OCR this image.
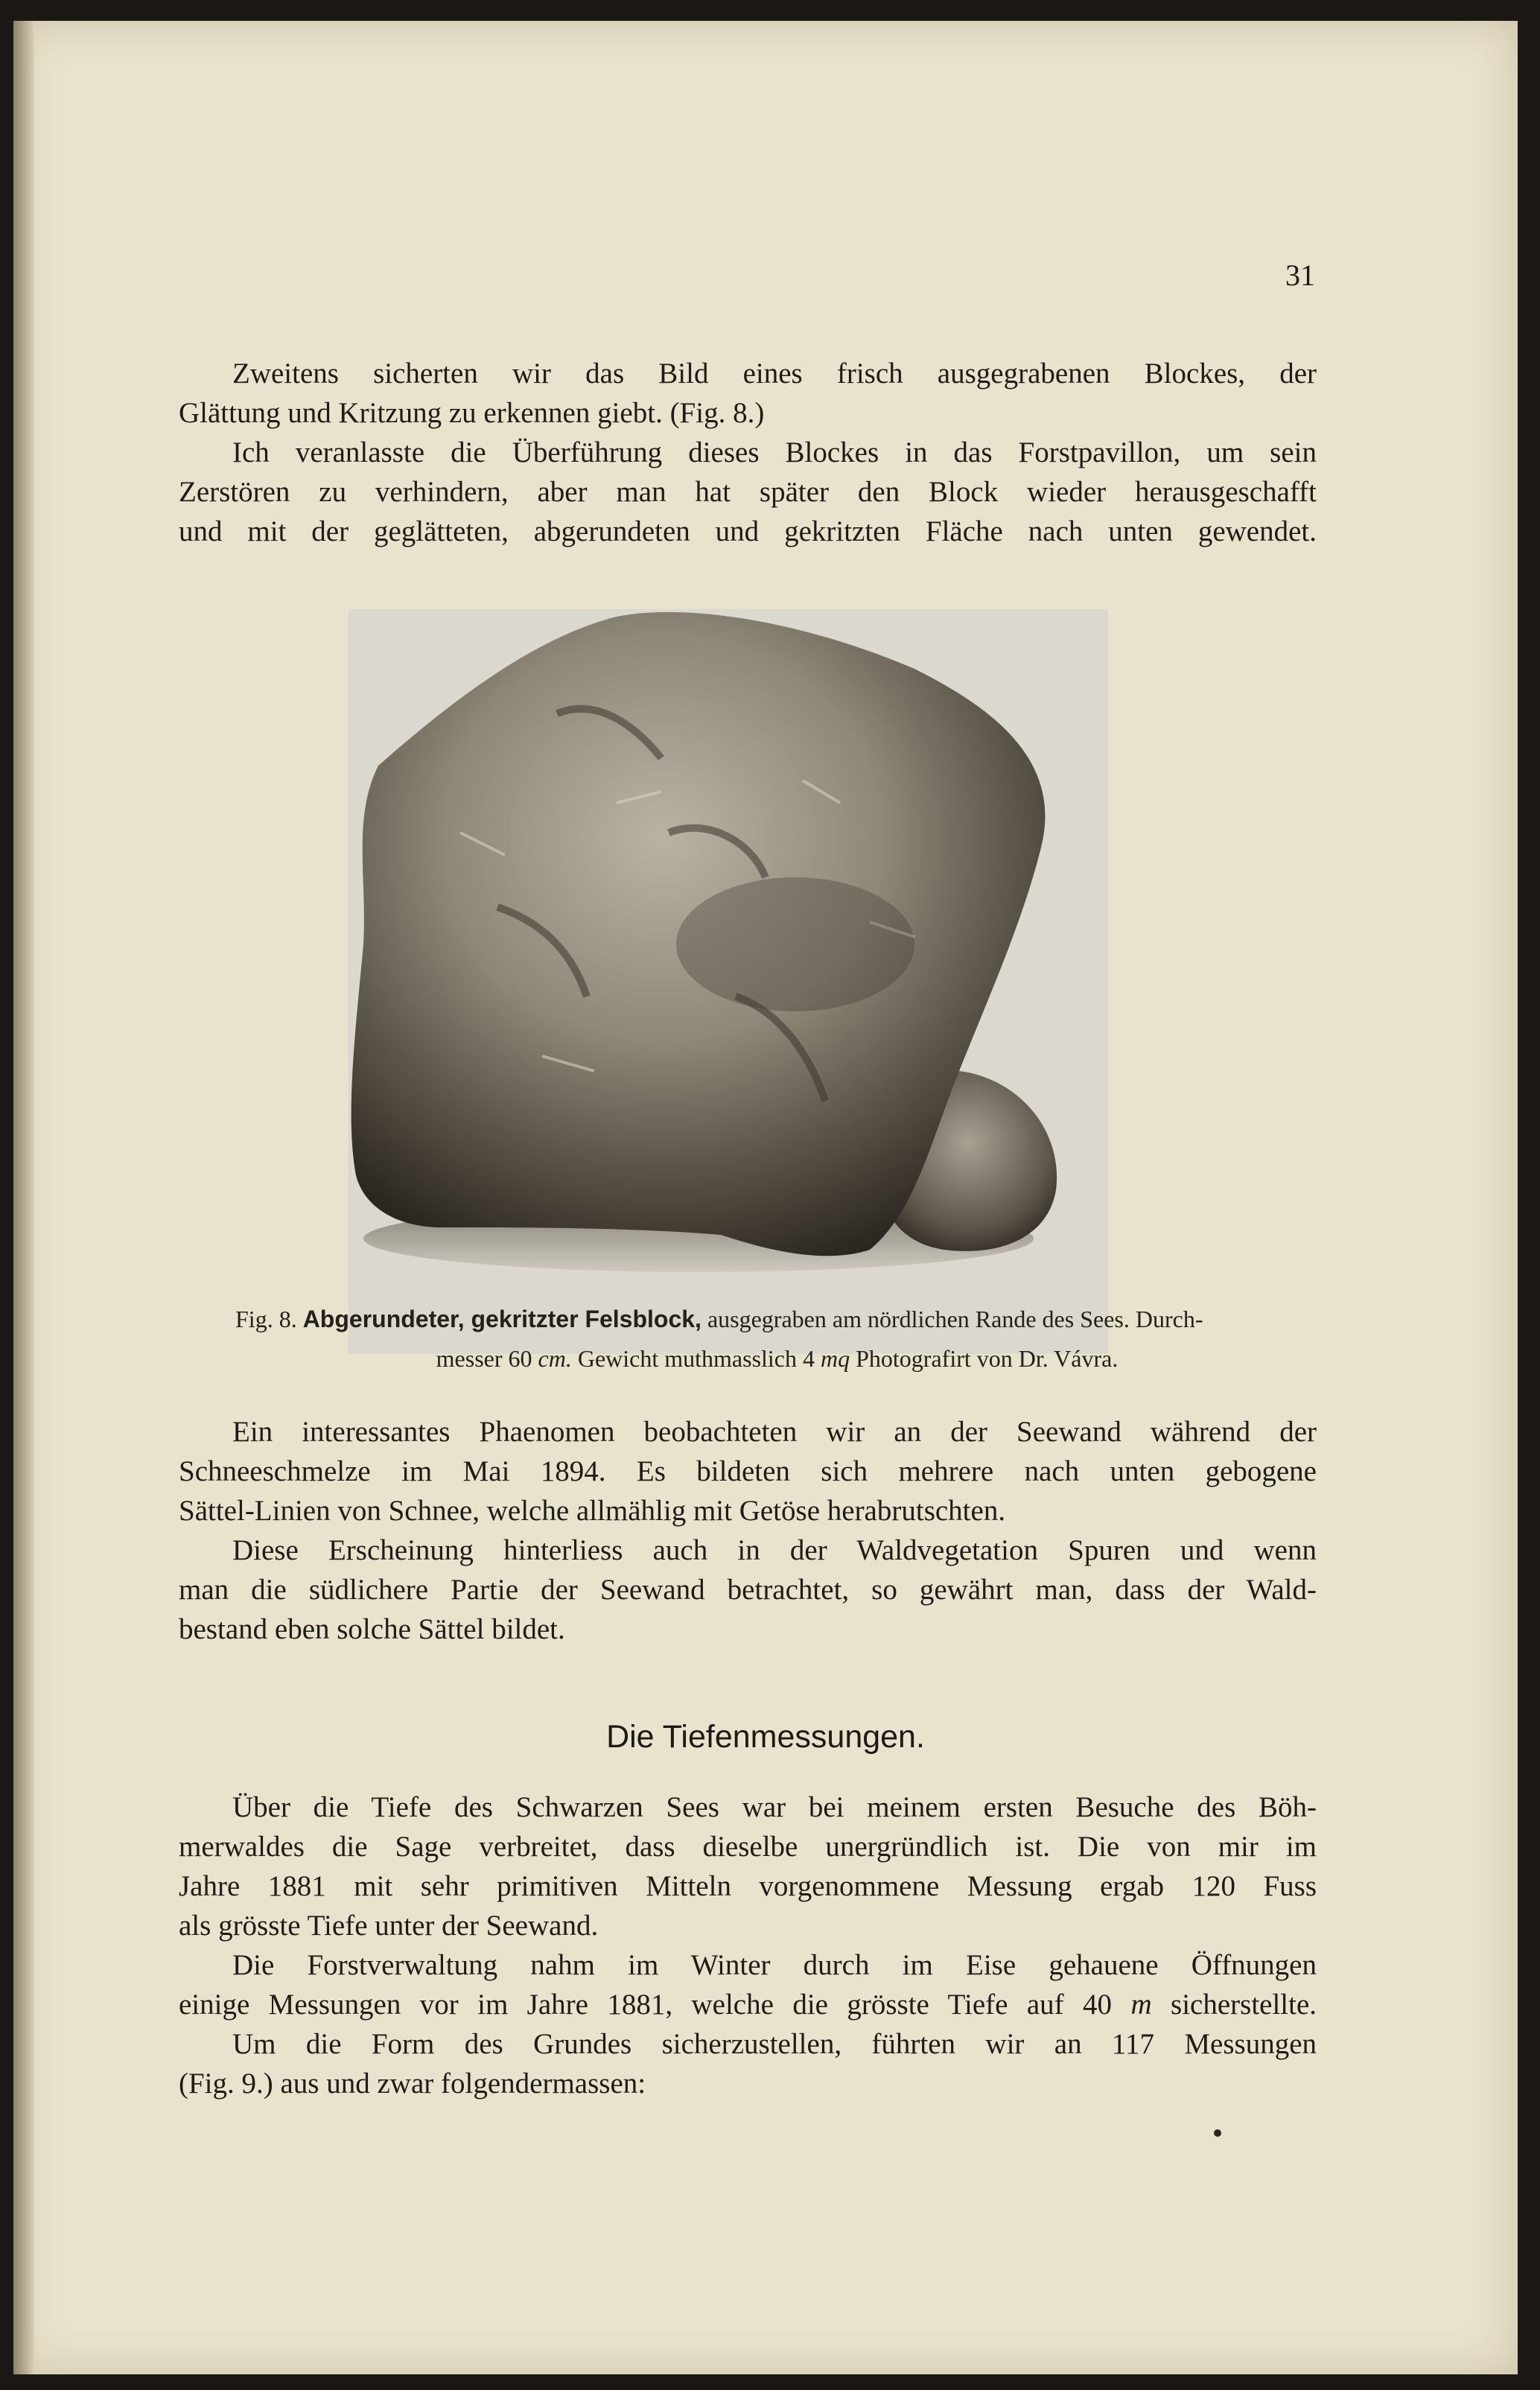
31

Zweitens sicherten wir das Bild eines frisch ausgegrabenen Blockes, der

Glättung und Kritzung zu erkennen giebt. (Fig. 8.)

Ich veranlasste die Überführung dieses Blockes in das Forstpavillon, um sein

Zerstören zu verhindern, aber man hat später den Block wieder herausgeschafft

und mit der geglätteten, abgerundeten und gekritzten Fläche nach unten gewendet.

Fig. 8. Abgerundeter, gekritzter Felsblock, ausgegraben am nördlichen Rande des Sees. Durch-

messer 60 cm. Gewicht muthmasslich 4 mq Photografirt von Dr. Vávra.

Ein interessantes Phaenomen beobachteten wir an der Seewand während der

Schneeschmelze im Mai 1894. Es bildeten sich mehrere nach unten gebogene

Sättel-Linien von Schnee, welche allmählig mit Getöse herabrutschten.

Diese Erscheinung hinterliess auch in der Waldvegetation Spuren und wenn

man die südlichere Partie der Seewand betrachtet, so gewährt man, dass der Wald-

bestand eben solche Sättel bildet.

Die Tiefenmessungen.

Über die Tiefe des Schwarzen Sees war bei meinem ersten Besuche des Böh-

merwaldes die Sage verbreitet, dass dieselbe unergründlich ist. Die von mir im

Jahre 1881 mit sehr primitiven Mitteln vorgenommene Messung ergab 120 Fuss

als grösste Tiefe unter der Seewand.

Die Forstverwaltung nahm im Winter durch im Eise gehauene Öffnungen

einige Messungen vor im Jahre 1881, welche die grösste Tiefe auf 40 m sicherstellte.

Um die Form des Grundes sicherzustellen, führten wir an 117 Messungen

(Fig. 9.) aus und zwar folgendermassen:
